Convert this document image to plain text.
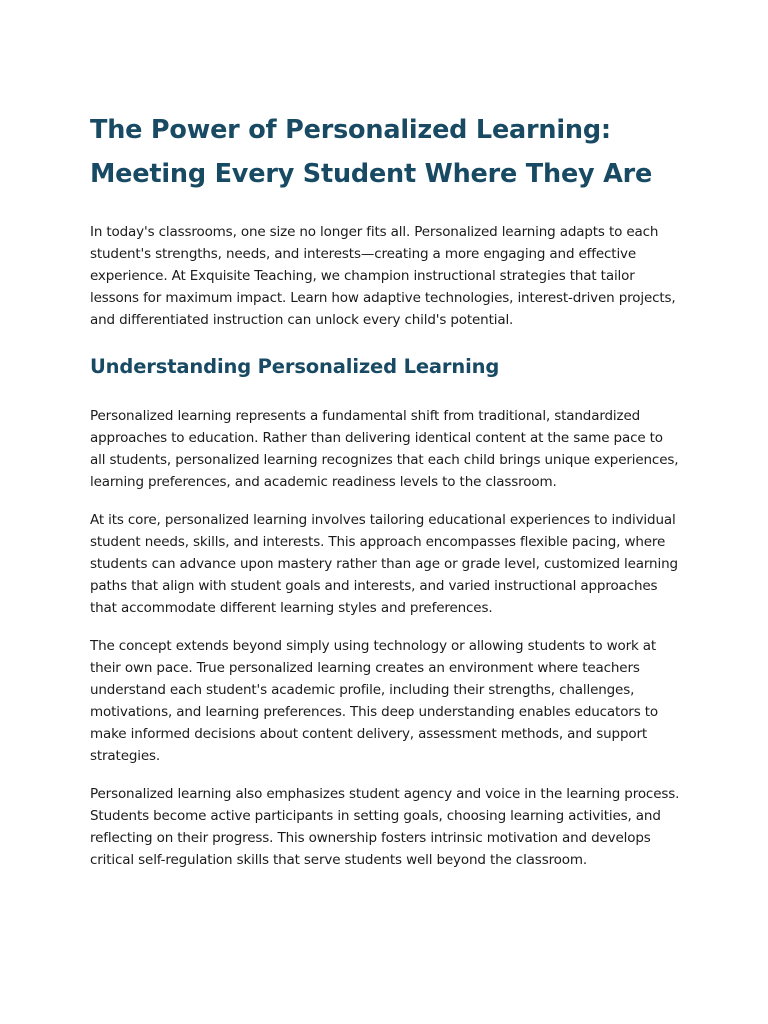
The Power of Personalized Learning:
Meeting Every Student Where They Are

In today's classrooms, one size no longer fits all. Personalized learning adapts to each student's strengths, needs, and interests—creating a more engaging and effective experience. At Exquisite Teaching, we champion instructional strategies that tailor lessons for maximum impact. Learn how adaptive technologies, interest-driven projects, and differentiated instruction can unlock every child's potential.

Understanding Personalized Learning

Personalized learning represents a fundamental shift from traditional, standardized approaches to education. Rather than delivering identical content at the same pace to all students, personalized learning recognizes that each child brings unique experiences, learning preferences, and academic readiness levels to the classroom.

At its core, personalized learning involves tailoring educational experiences to individual student needs, skills, and interests. This approach encompasses flexible pacing, where students can advance upon mastery rather than age or grade level, customized learning paths that align with student goals and interests, and varied instructional approaches that accommodate different learning styles and preferences.

The concept extends beyond simply using technology or allowing students to work at their own pace. True personalized learning creates an environment where teachers understand each student's academic profile, including their strengths, challenges, motivations, and learning preferences. This deep understanding enables educators to make informed decisions about content delivery, assessment methods, and support strategies.

Personalized learning also emphasizes student agency and voice in the learning process. Students become active participants in setting goals, choosing learning activities, and reflecting on their progress. This ownership fosters intrinsic motivation and develops critical self-regulation skills that serve students well beyond the classroom.
